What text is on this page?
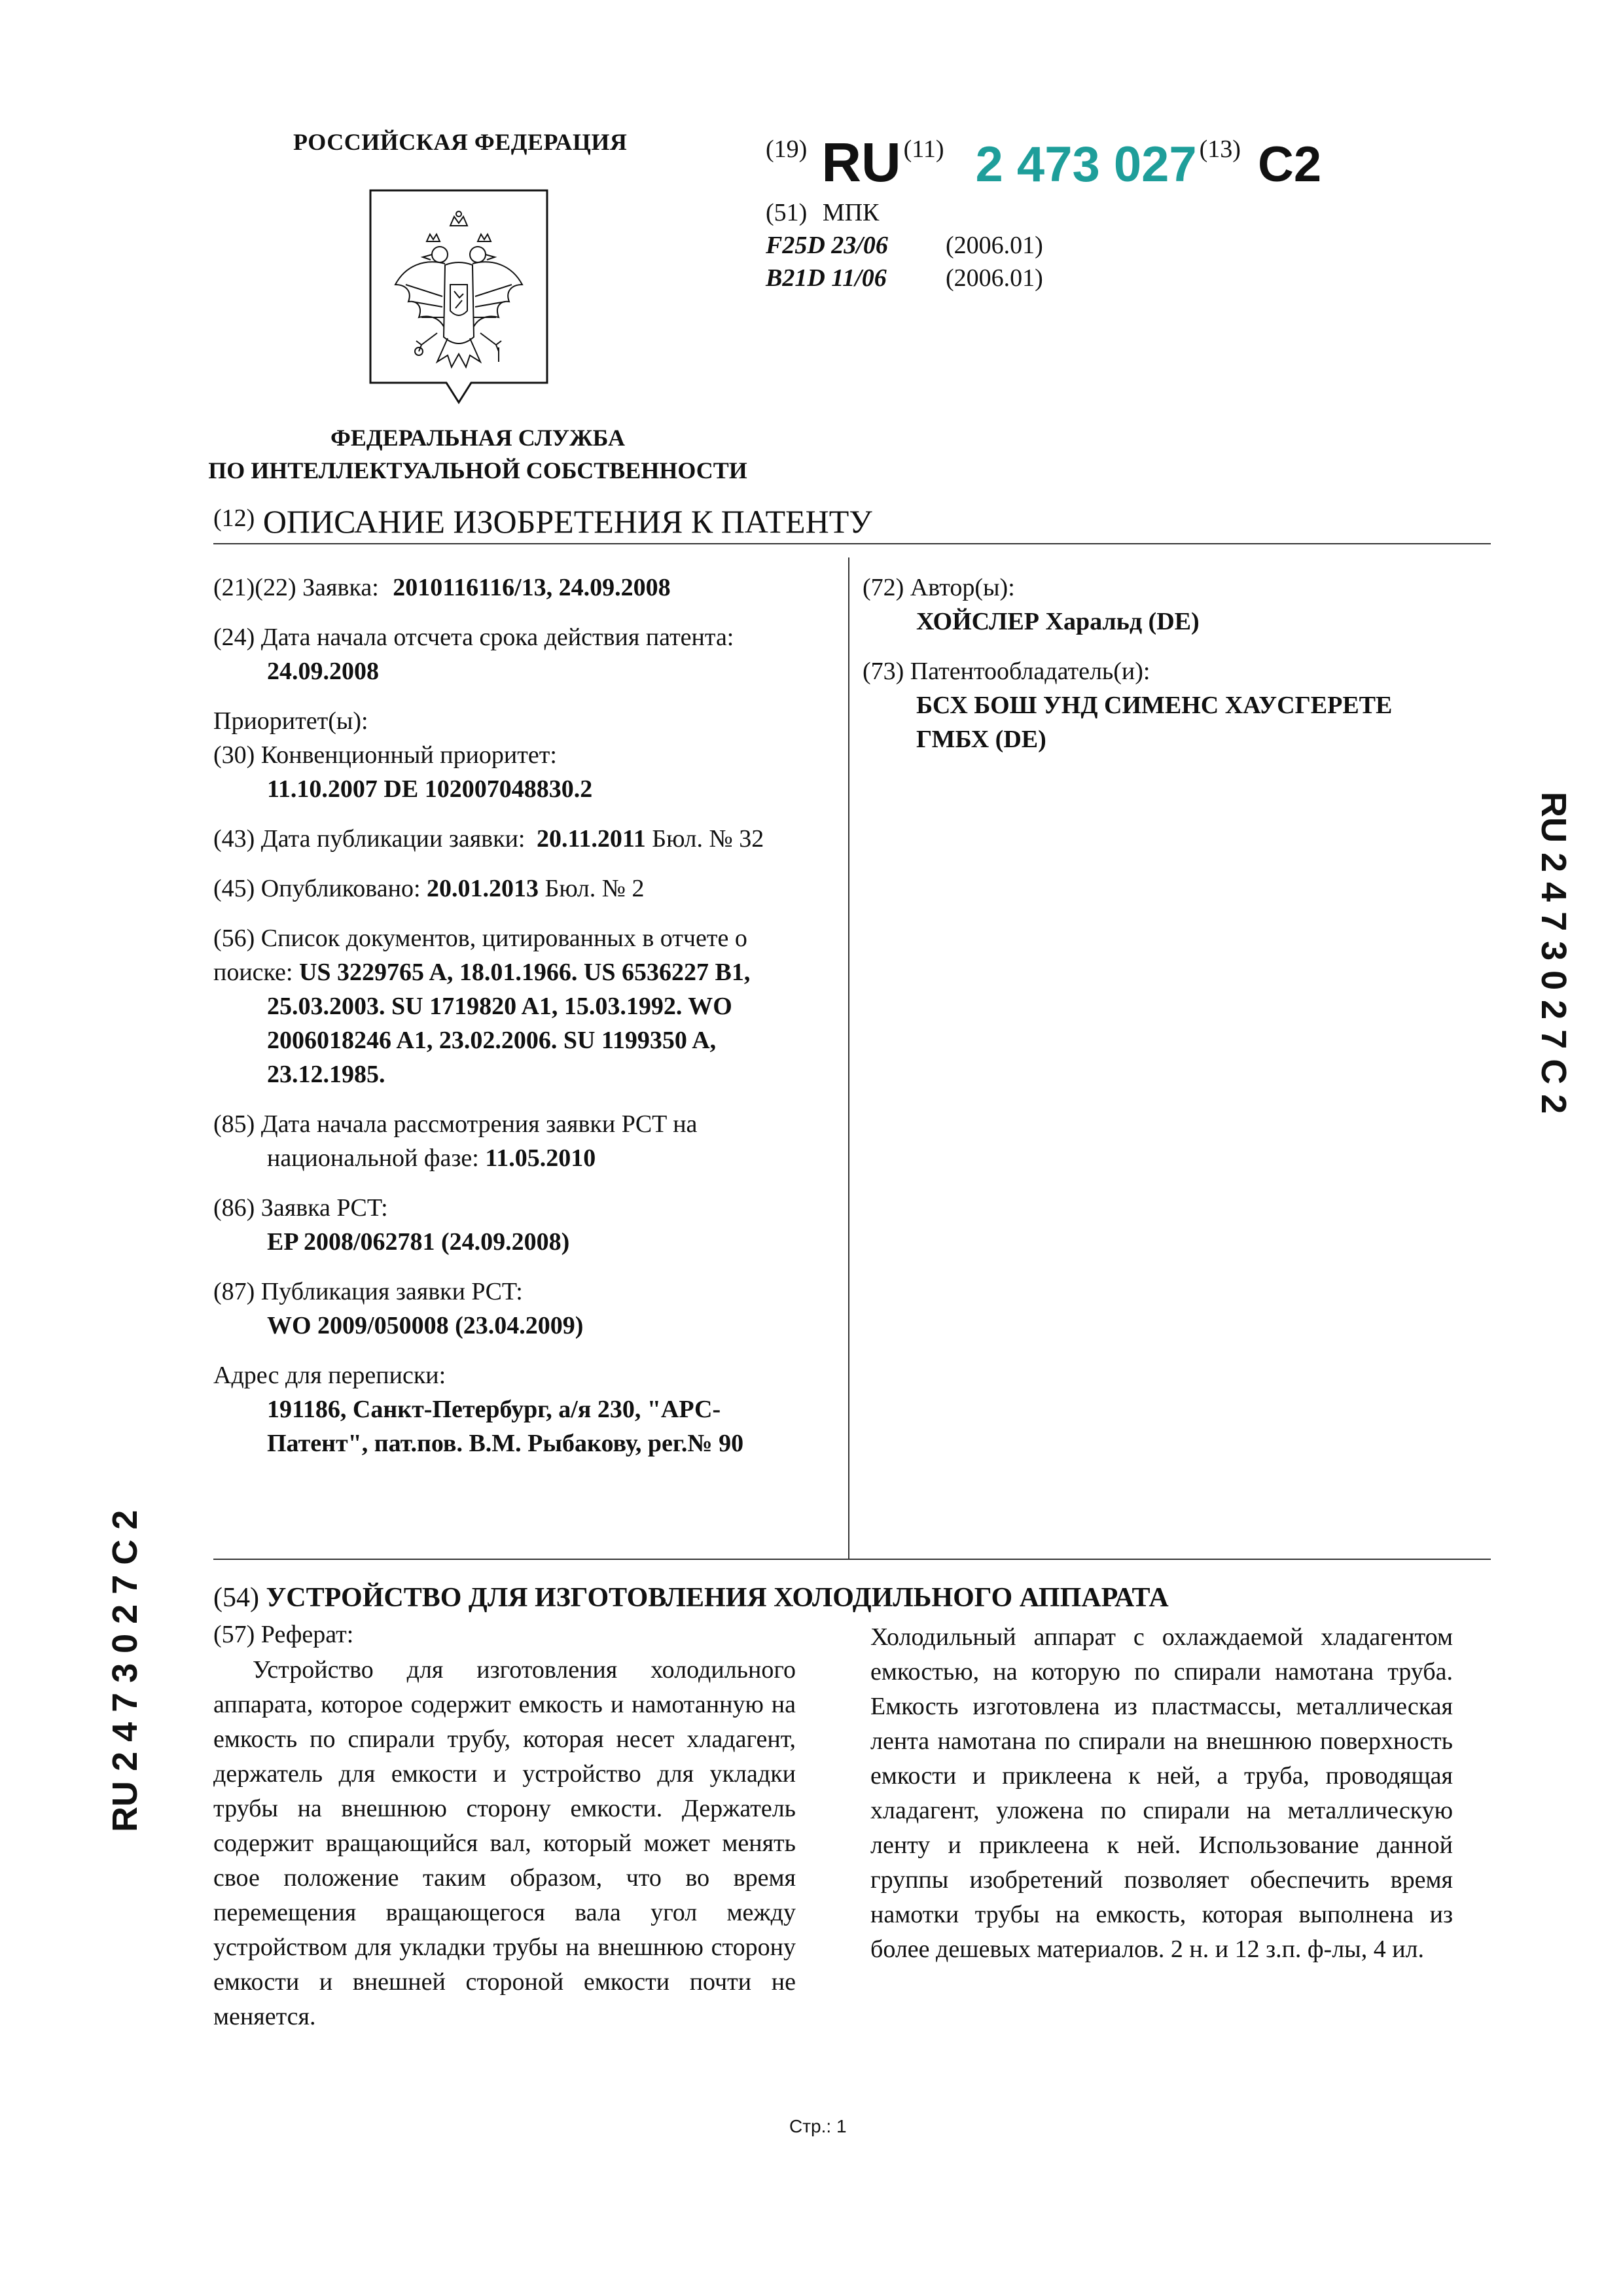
РОССИЙСКАЯ ФЕДЕРАЦИЯ
ФЕДЕРАЛЬНАЯ СЛУЖБА
ПО ИНТЕЛЛЕКТУАЛЬНОЙ СОБСТВЕННОСТИ
(19) RU (11) 2 473 027 (13) C2
(51) МПК
F25D 23/06 (2006.01)
B21D 11/06 (2006.01)
$^{(12)}$ ОПИСАНИЕ ИЗОБРЕТЕНИЯ К ПАТЕНТУ
(21)(22) Заявка: 2010116116/13, 24.09.2008
(24) Дата начала отсчета срока действия патента:
24.09.2008
Приоритет(ы):
(30) Конвенционный приоритет:
11.10.2007 DE 102007048830.2
(43) Дата публикации заявки: 20.11.2011 Бюл. № 32
(45) Опубликовано: 20.01.2013 Бюл. № 2
(56) Список документов, цитированных в отчете о
поиске: US 3229765 A, 18.01.1966. US 6536227 B1,
25.03.2003. SU 1719820 A1, 15.03.1992. WO
2006018246 A1, 23.02.2006. SU 1199350 A,
23.12.1985.
(85) Дата начала рассмотрения заявки PCT на
национальной фазе: 11.05.2010
(86) Заявка PCT:
EP 2008/062781 (24.09.2008)
(87) Публикация заявки PCT:
WO 2009/050008 (23.04.2009)
Адрес для переписки:
191186, Санкт-Петербург, а/я 230, "АРС-
Патент", пат.пов. В.М. Рыбакову, рег.№ 90
(72) Автор(ы):
ХОЙСЛЕР Харальд (DE)
(73) Патентообладатель(и):
БСХ БОШ УНД СИМЕНС ХАУСГЕРЕТЕ
ГМБХ (DE)
RU 2 4 7 3 0 2 7 C 2
RU 2 4 7 3 0 2 7 C 2	(54) УСТРОЙСТВО ДЛЯ ИЗГОТОВЛЕНИЯ ХОЛОДИЛЬНОГО АППАРАТА
(57) Реферат:
Устройство для изготовления холодильного аппарата, которое содержит емкость и намотанную на емкость по спирали трубу, которая несет хладагент, держатель для емкости и устройство для укладки трубы на внешнюю сторону емкости. Держатель содержит вращающийся вал, который может менять свое положение таким образом, что во время перемещения вращающегося вала угол между устройством для укладки трубы на внешнюю сторону емкости и внешней стороной емкости почти не меняется.
Холодильный аппарат с охлаждаемой хладагентом емкостью, на которую по спирали намотана труба. Емкость изготовлена из пластмассы, металлическая лента намотана по спирали на внешнюю поверхность емкости и приклеена к ней, а труба, проводящая хладагент, уложена по спирали на металлическую ленту и приклеена к ней. Использование данной группы изобретений позволяет обеспечить время намотки трубы на емкость, которая выполнена из более дешевых материалов. 2 н. и 12 з.п. ф-лы, 4 ил.
Стр.: 1
